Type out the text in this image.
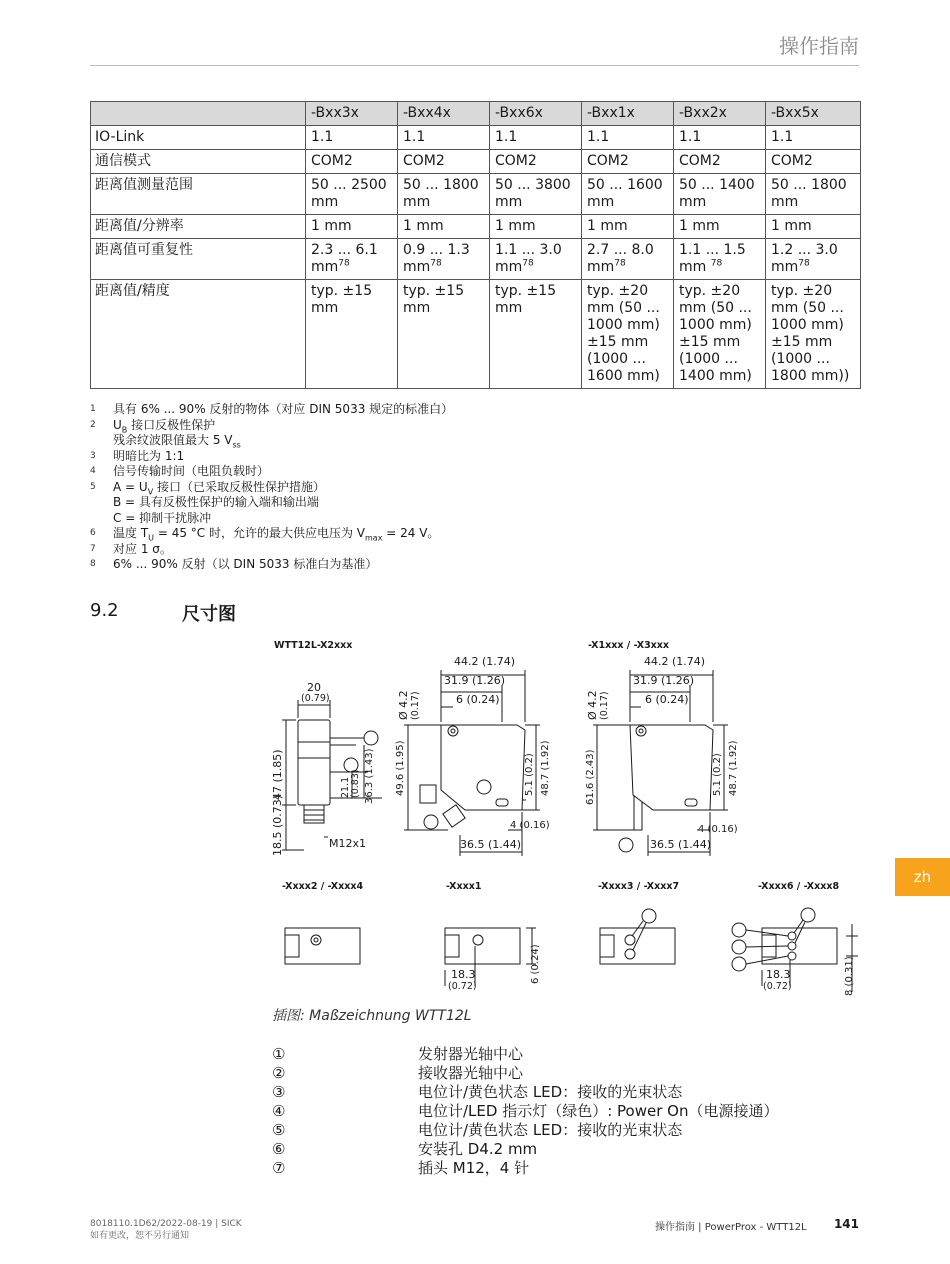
操作指南
	-Bxx3x	-Bxx4x	-Bxx6x	-Bxx1x	-Bxx2x	-Bxx5x
IO-Link	1.1	1.1	1.1	1.1	1.1	1.1
通信模式	COM2	COM2	COM2	COM2	COM2	COM2
距离值测量范围	50 ... 2500 mm	50 ... 1800 mm	50 ... 3800 mm	50 ... 1600 mm	50 ... 1400 mm	50 ... 1800 mm
距离值/分辨率	1 mm	1 mm	1 mm	1 mm	1 mm	1 mm
距离值可重复性	2.3 ... 6.1 $mm^{78}$	0.9 ... 1.3 $mm^{78}$	1.1 ... 3.0 $mm^{78}$	2.7 ... 8.0 $mm^{78}$	1.1 ... 1.5 mm $^{78}$	1.2 ... 3.0 $mm^{78}$
距离值/精度	typ. ±15 mm	typ. ±15 mm	typ. ±15 mm	typ. ±20 mm (50 ... 1000 mm) ±15 mm (1000 ... 1600 mm)	typ. ±20 mm (50 ... 1000 mm) ±15 mm (1000 ... 1400 mm)	typ. ±20 mm (50 ... 1000 mm) ±15 mm (1000 ... 1800 mm))
1	具有 6% ... 90% 反射的物体（对应 DIN 5033 规定的标准白）
2	$U_B$ 接口反极性保护
残余纹波限值最大 5 $V_{ss}$
3	明暗比为 1:1
4	信号传输时间（电阻负载时）
5	$A = U_V$ 接口（已采取反极性保护措施）
B = 具有反极性保护的输入端和输出端
C = 抑制干扰脉冲
6	温度 $T_U = 45$ °C 时，允许的最大供应电压为 $V_{max} = 24$ V。
7	对应 1 σ。
8	6% ... 90% 反射（以 DIN 5033 标准白为基准）
9.2	尺寸图
WTT12L-X2xxx	-X1xxx / -X3xxx
-Xxxx2 / -Xxxx4	-Xxxx1	-Xxxx3 / -Xxxx7	-Xxxx6 / -Xxxx8
20
(0.79)
47 (1.85)
18.5 (0.73)	M12x1
21.1 (0.83) 36.3 (1.43)
44.2 (1.74)
31.9 (1.26)
6 (0.24)
Ø 4.2 (0.17)
49.6 (1.95)	5.1 (0.2) 48.7 (1.92)
4 (0.16)
36.5 (1.44)
44.2 (1.74)
31.9 (1.26)
6 (0.24)
Ø 4.2 (0.17)
61.6 (2.43)	5.1 (0.2) 48.7 (1.92)
4 (0.16)
36.5 (1.44)
18.3
(0.72)
6 (0.24)	18.3
(0.72)	8 (0.31)
插图: Maßzeichnung WTT12L
①	发射器光轴中心
②	接收器光轴中心
③	电位计/黄色状态 LED：接收的光束状态
④	电位计/LED 指示灯（绿色）: Power On（电源接通）
⑤	电位计/黄色状态 LED：接收的光束状态
⑥	安装孔 D4.2 mm
⑦	插头 M12，4 针
zh
8018110.1D62/2022-08-19 | SICK
如有更改，恕不另行通知
操作指南 | PowerProx - WTT12L 141
